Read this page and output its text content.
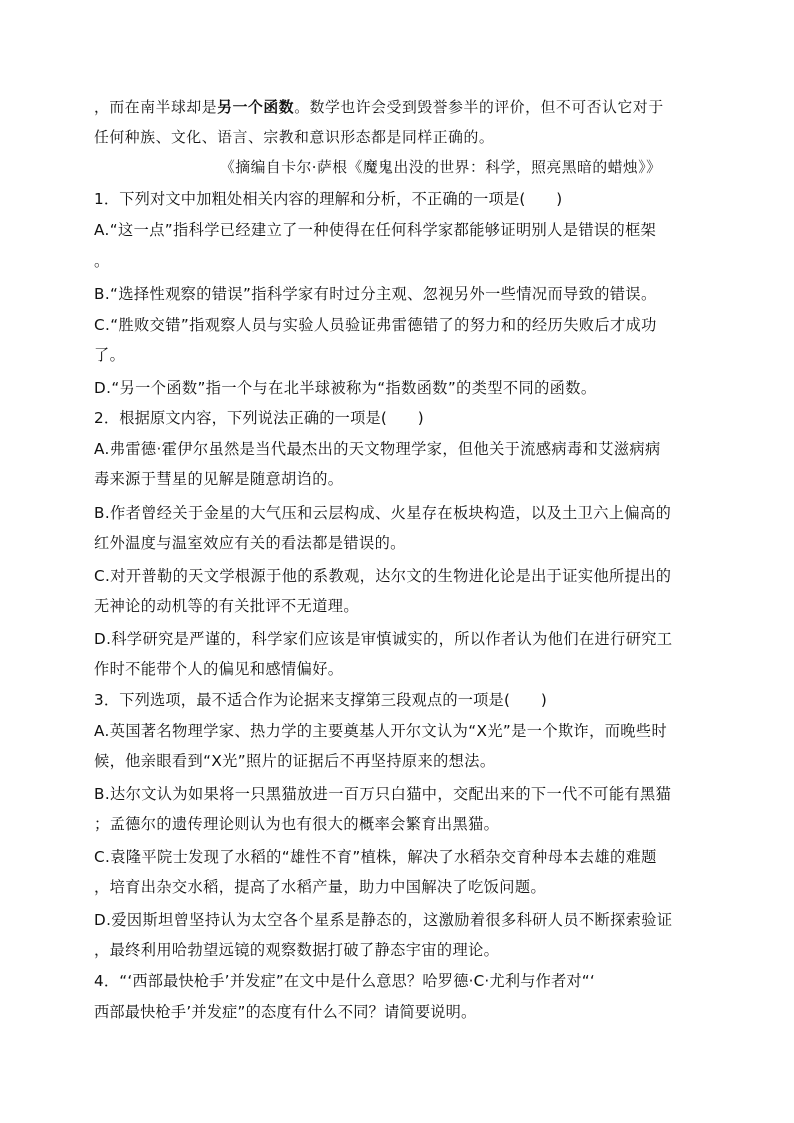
，而在南半球却是另一个函数。数学也许会受到毁誉参半的评价，但不可否认它对于
任何种族、文化、语言、宗教和意识形态都是同样正确的。
《摘编自卡尔·萨根《魔鬼出没的世界：科学，照亮黑暗的蜡烛》》
1．下列对文中加粗处相关内容的理解和分析，不正确的一项是(　　)
A.“这一点”指科学已经建立了一种使得在任何科学家都能够证明别人是错误的框架
。
B.“选择性观察的错误”指科学家有时过分主观、忽视另外一些情况而导致的错误。
C.“胜败交错”指观察人员与实验人员验证弗雷德错了的努力和的经历失败后才成功
了。
D.“另一个函数”指一个与在北半球被称为“指数函数”的类型不同的函数。
2．根据原文内容，下列说法正确的一项是(　　)
A.弗雷德·霍伊尔虽然是当代最杰出的天文物理学家，但他关于流感病毒和艾滋病病
毒来源于彗星的见解是随意胡诌的。
B.作者曾经关于金星的大气压和云层构成、火星存在板块构造，以及土卫六上偏高的
红外温度与温室效应有关的看法都是错误的。
C.对开普勒的天文学根源于他的系教观，达尔文的生物进化论是出于证实他所提出的
无神论的动机等的有关批评不无道理。
D.科学研究是严谨的，科学家们应该是审慎诚实的，所以作者认为他们在进行研究工
作时不能带个人的偏见和感情偏好。
3．下列选项，最不适合作为论据来支撑第三段观点的一项是(　　)
A.英国著名物理学家、热力学的主要奠基人开尔文认为“X光”是一个欺诈，而晚些时
候，他亲眼看到“X光”照片的证据后不再坚持原来的想法。
B.达尔文认为如果将一只黑猫放进一百万只白猫中，交配出来的下一代不可能有黑猫
；孟德尔的遗传理论则认为也有很大的概率会繁育出黑猫。
C.袁隆平院士发现了水稻的“雄性不育”植株，解决了水稻杂交育种母本去雄的难题
，培育出杂交水稻，提高了水稻产量，助力中国解决了吃饭问题。
D.爱因斯坦曾坚持认为太空各个星系是静态的，这激励着很多科研人员不断探索验证
，最终利用哈勃望远镜的观察数据打破了静态宇宙的理论。
4．“‘西部最快枪手’并发症”在文中是什么意思？哈罗德·C·尤利与作者对“‘
西部最快枪手’并发症”的态度有什么不同？请简要说明。
